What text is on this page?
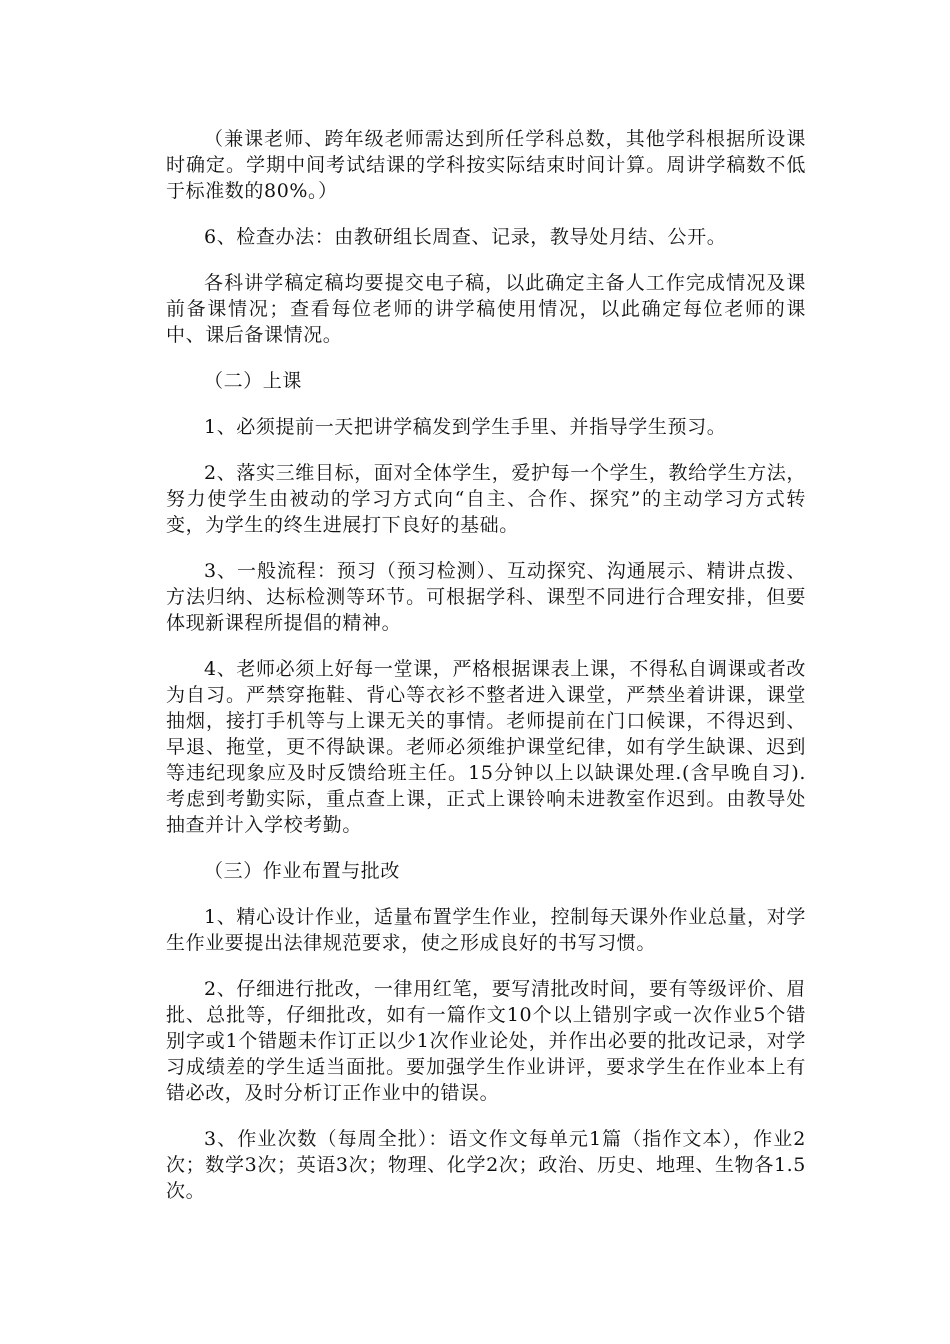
（兼课老师、跨年级老师需达到所任学科总数，其他学科根据所设课时确定。学期中间考试结课的学科按实际结束时间计算。周讲学稿数不低于标准数的80%。）

6、检查办法：由教研组长周查、记录，教导处月结、公开。

各科讲学稿定稿均要提交电子稿，以此确定主备人工作完成情况及课前备课情况；查看每位老师的讲学稿使用情况，以此确定每位老师的课中、课后备课情况。

（二）上课

1、必须提前一天把讲学稿发到学生手里、并指导学生预习。

2、落实三维目标，面对全体学生，爱护每一个学生，教给学生方法，努力使学生由被动的学习方式向“自主、合作、探究”的主动学习方式转变，为学生的终生进展打下良好的基础。

3、一般流程：预习（预习检测）、互动探究、沟通展示、精讲点拨、方法归纳、达标检测等环节。可根据学科、课型不同进行合理安排，但要体现新课程所提倡的精神。

4、老师必须上好每一堂课，严格根据课表上课，不得私自调课或者改为自习。严禁穿拖鞋、背心等衣衫不整者进入课堂，严禁坐着讲课，课堂抽烟，接打手机等与上课无关的事情。老师提前在门口候课，不得迟到、早退、拖堂，更不得缺课。老师必须维护课堂纪律，如有学生缺课、迟到等违纪现象应及时反馈给班主任。15分钟以上以缺课处理.(含早晚自习). 考虑到考勤实际，重点查上课，正式上课铃响未进教室作迟到。由教导处抽查并计入学校考勤。

（三）作业布置与批改

1、精心设计作业，适量布置学生作业，控制每天课外作业总量，对学生作业要提出法律规范要求，使之形成良好的书写习惯。

2、仔细进行批改，一律用红笔，要写清批改时间，要有等级评价、眉批、总批等，仔细批改，如有一篇作文10个以上错别字或一次作业5个错别字或1个错题未作订正以少1次作业论处，并作出必要的批改记录，对学习成绩差的学生适当面批。要加强学生作业讲评，要求学生在作业本上有错必改，及时分析订正作业中的错误。

3、作业次数（每周全批）：语文作文每单元1篇（指作文本），作业2次；数学3次；英语3次；物理、化学2次；政治、历史、地理、生物各1.5次。
